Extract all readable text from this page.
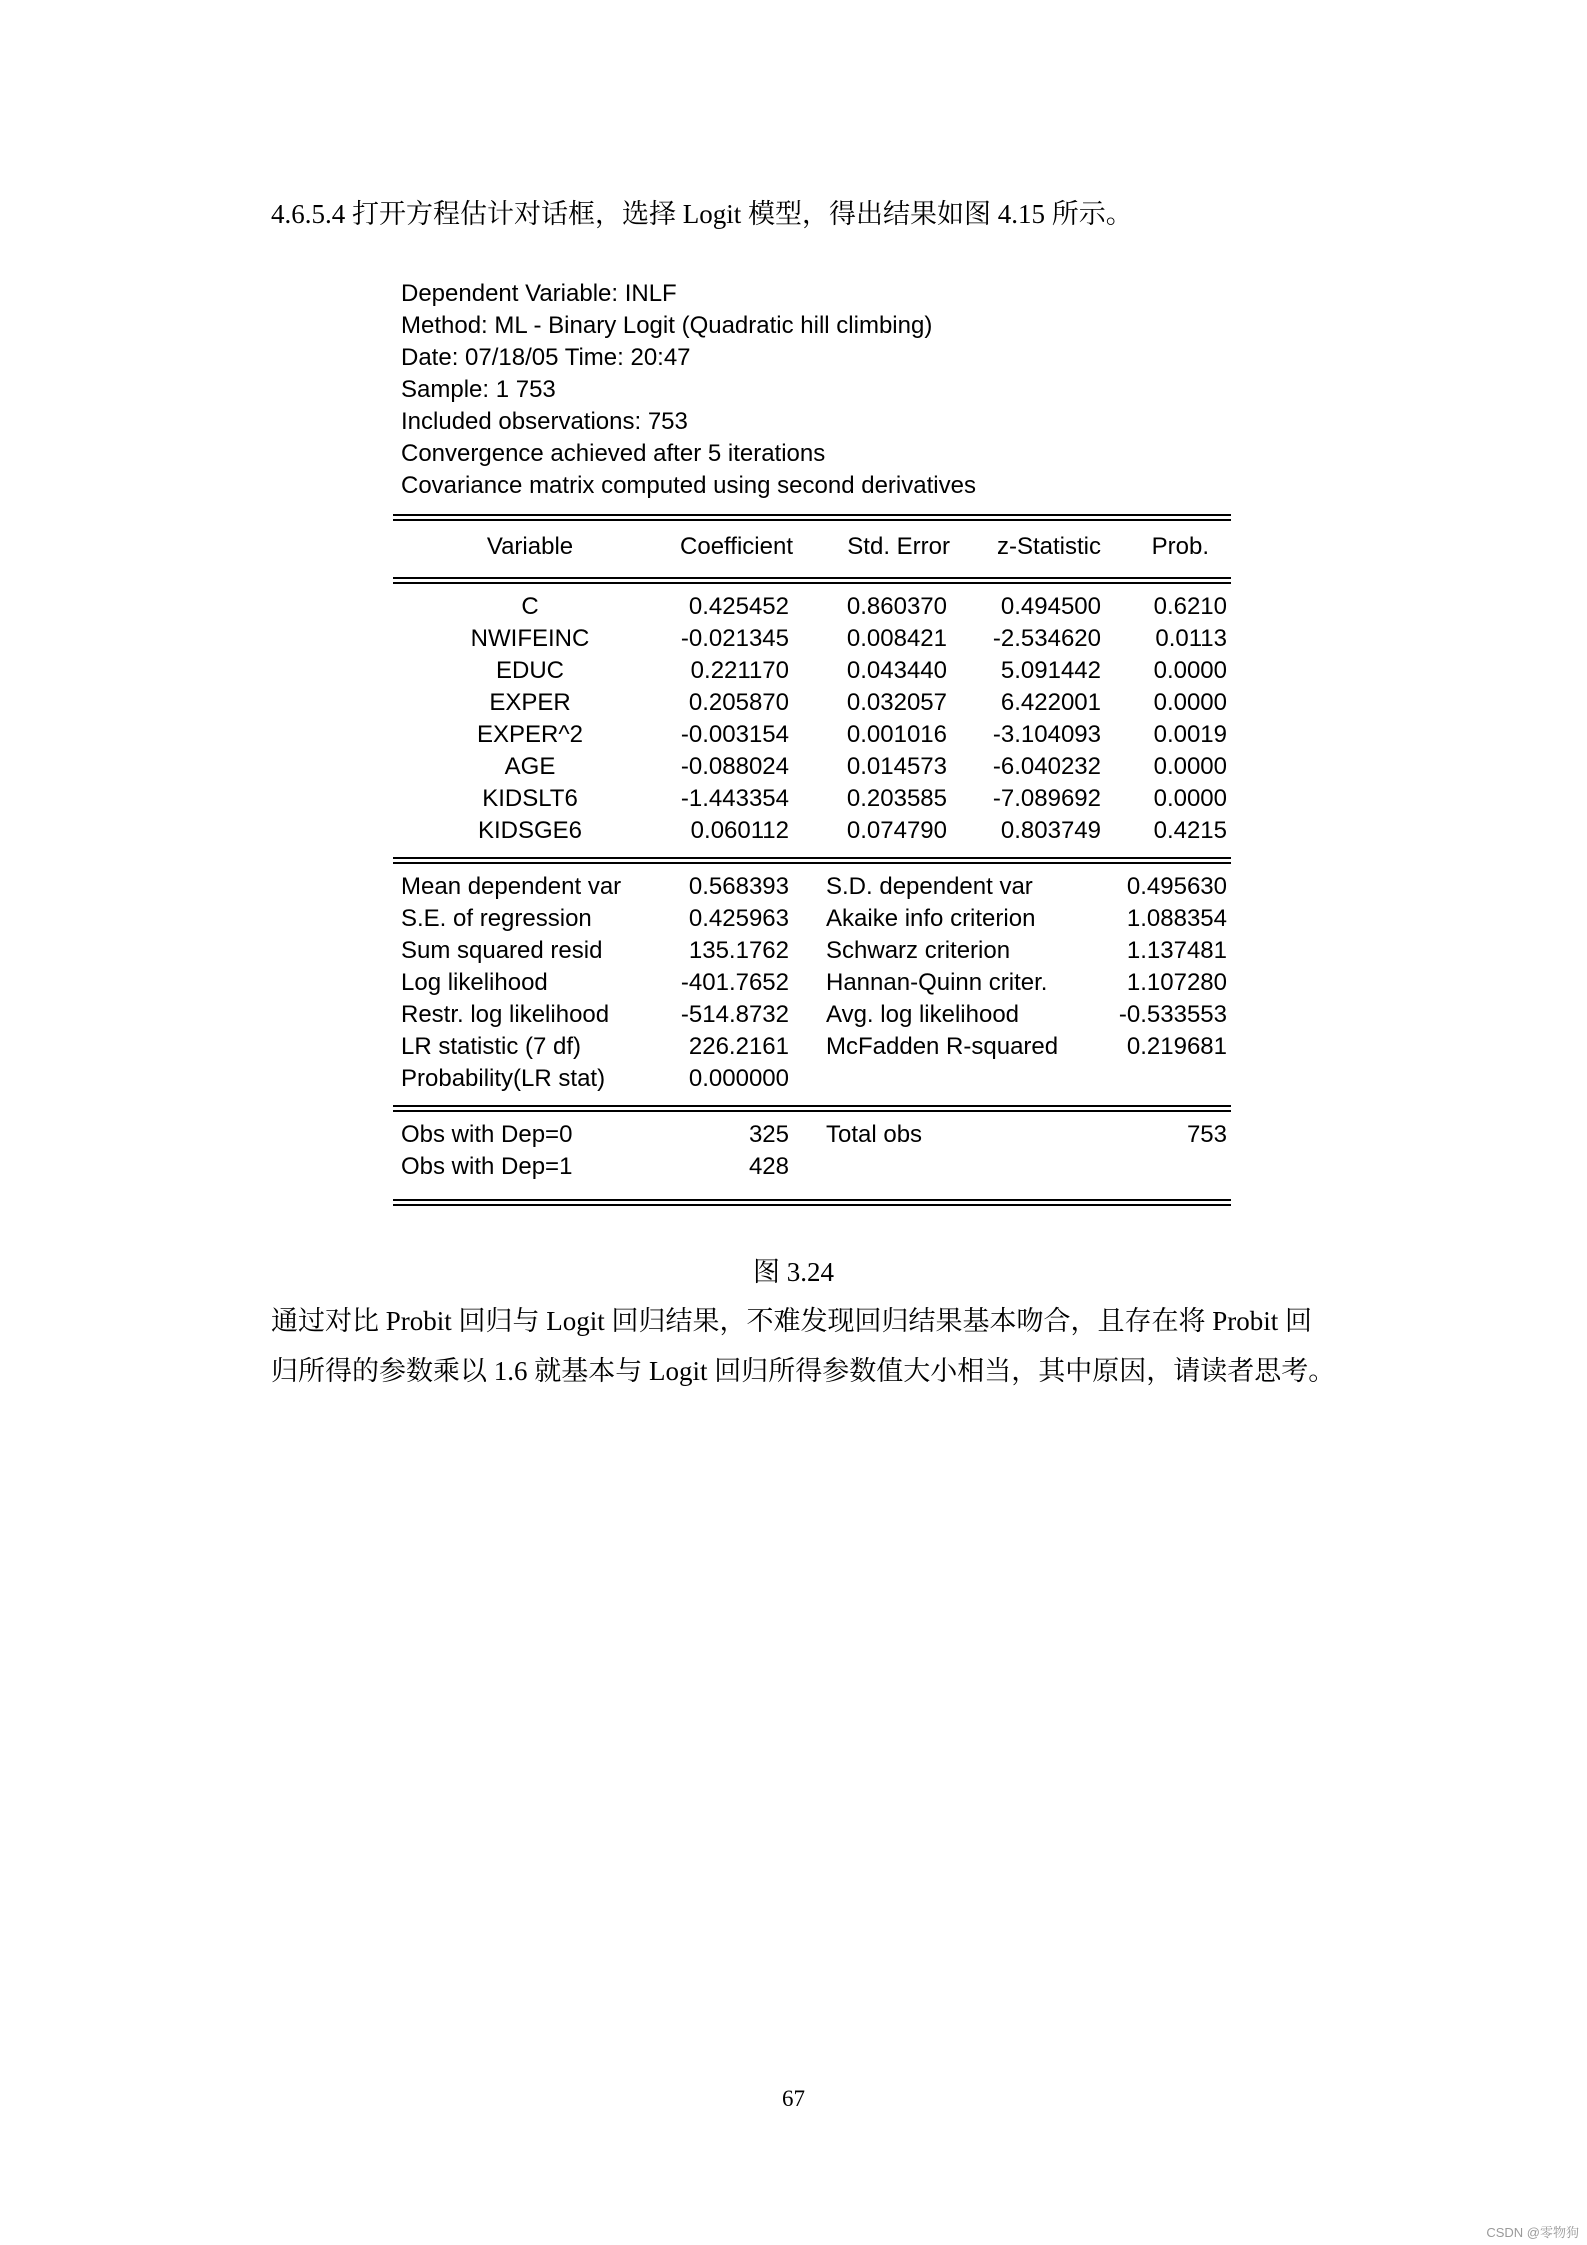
4.6.5.4 打开方程估计对话框，选择 Logit 模型，得出结果如图 4.15 所示。
Dependent Variable: INLF
Method: ML - Binary Logit (Quadratic hill climbing)
Date: 07/18/05 Time: 20:47
Sample: 1 753
Included observations: 753
Convergence achieved after 5 iterations
Covariance matrix computed using second derivatives
Variable	Coefficient Std. Error z-Statistic Prob.
C	0.425452 0.860370 0.494500 0.6210
NWIFEINC	-0.021345 0.008421 -2.534620 0.0113
EDUC	0.221170 0.043440 5.091442 0.0000
EXPER	0.205870 0.032057 6.422001 0.0000
EXPER^2	-0.003154 0.001016 -3.104093 0.0019
AGE	-0.088024 0.014573 -6.040232 0.0000
KIDSLT6	-1.443354 0.203585 -7.089692 0.0000
KIDSGE6	0.060112 0.074790 0.803749 0.4215
Mean dependent var	0.568393 S.D. dependent var	0.495630
S.E. of regression	0.425963 Akaike info criterion	1.088354
Sum squared resid	135.1762 Schwarz criterion	1.137481
Log likelihood	-401.7652 Hannan-Quinn criter.	1.107280
Restr. log likelihood	-514.8732 Avg. log likelihood	-0.533553
LR statistic (7 df)	226.2161 McFadden R-squared	0.219681
Probability(LR stat)	0.000000
Obs with Dep=0	325 Total obs	753
Obs with Dep=1	428
图 3.24

通过对比 Probit 回归与 Logit 回归结果，不难发现回归结果基本吻合，且存在将 Probit 回

归所得的参数乘以 1.6 就基本与 Logit 回归所得参数值大小相当，其中原因，请读者思考。

67
CSDN @零物狗
